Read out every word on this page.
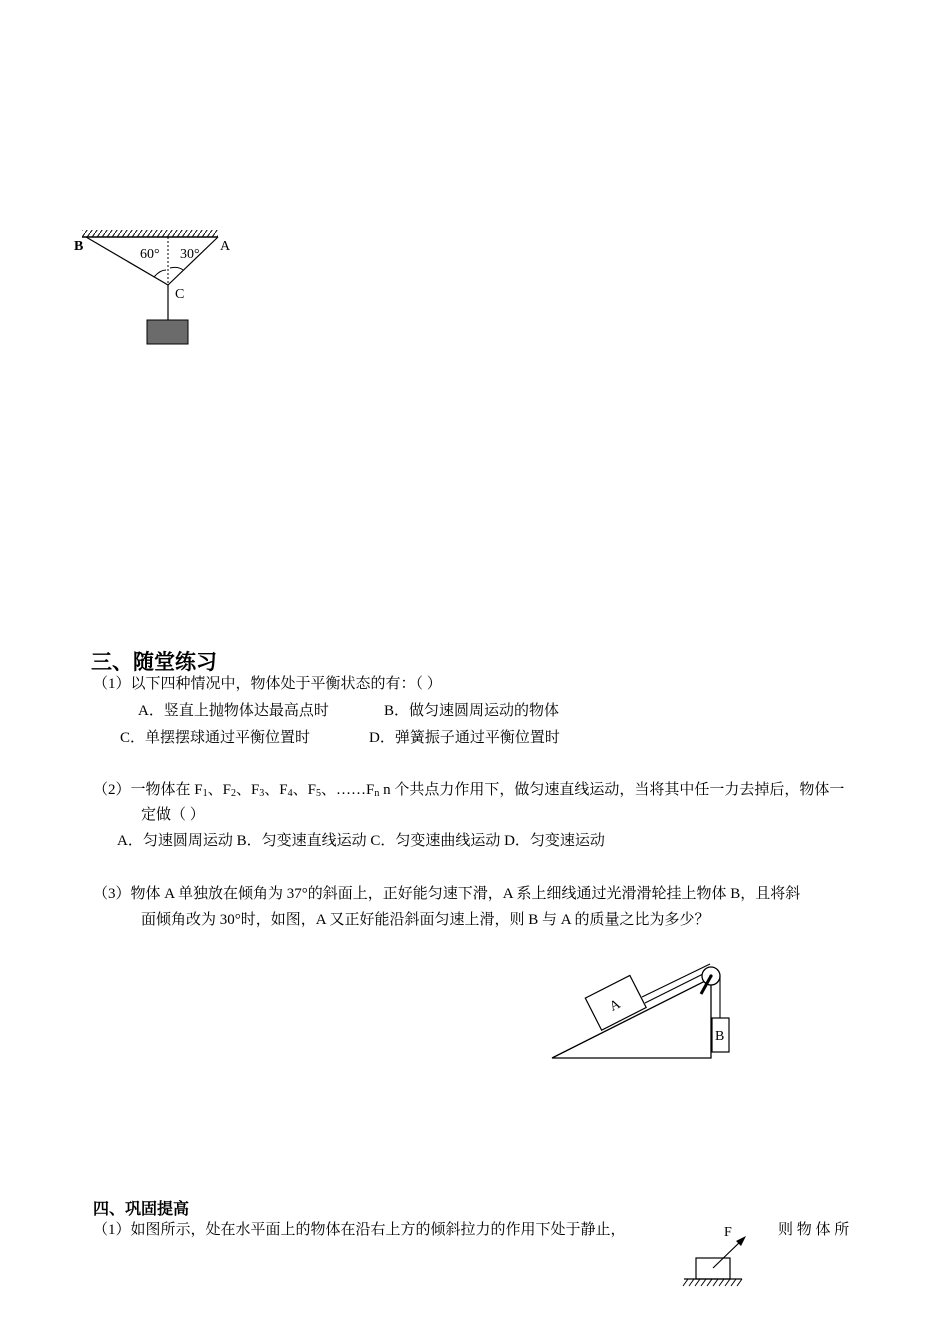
B	A
C
60° 30°
三、随堂练习
（1）以下四种情况中，物体处于平衡状态的有：（ ）
A．竖直上抛物体达最高点时	B．做匀速圆周运动的物体
C．单摆摆球通过平衡位置时	D．弹簧振子通过平衡位置时
（2）一物体在 $F_1$、$F_2$、$F_3$、$F_4$、$F_5$、$\dots\dots F_n$ n 个共点力作用下，做匀速直线运动，当将其中任一力去掉后，物体一
定做（ ）
A．匀速圆周运动 B．匀变速直线运动 C．匀变速曲线运动 D．匀变速运动
（3）物体 A 单独放在倾角为 37°的斜面上，正好能匀速下滑，A 系上细线通过光滑滑轮挂上物体 B，且将斜
面倾角改为 30°时，如图，A 又正好能沿斜面匀速上滑，则 B 与 A 的质量之比为多少？
A
B
四、巩固提高
（1）如图所示，处在水平面上的物体在沿右上方的倾斜拉力的作用下处于静止，	则 物 体 所
F
